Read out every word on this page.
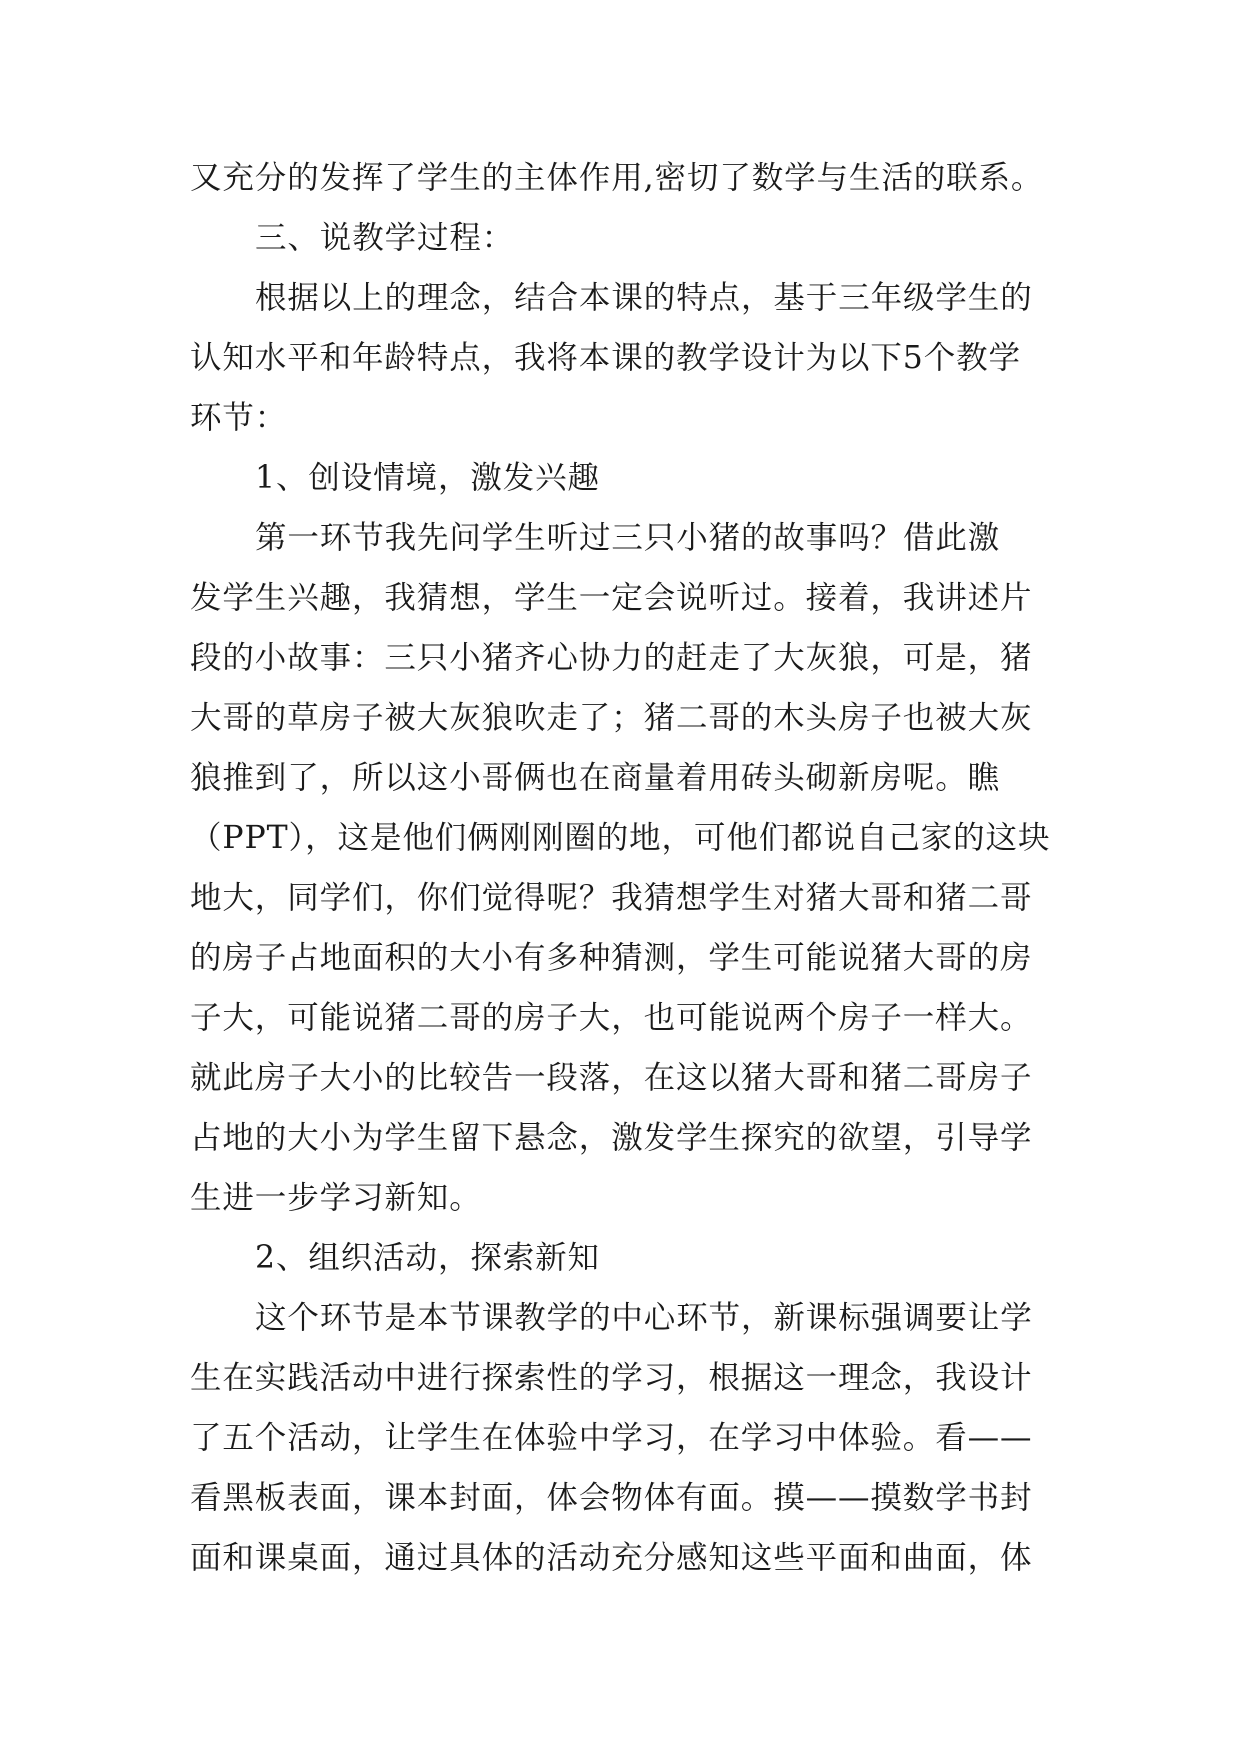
又充分的发挥了学生的主体作用,密切了数学与生活的联系。
三、说教学过程：
根据以上的理念，结合本课的特点，基于三年级学生的
认知水平和年龄特点，我将本课的教学设计为以下5个教学
环节：
1、创设情境，激发兴趣
第一环节我先问学生听过三只小猪的故事吗？借此激
发学生兴趣，我猜想，学生一定会说听过。接着，我讲述片
段的小故事：三只小猪齐心协力的赶走了大灰狼，可是，猪
大哥的草房子被大灰狼吹走了；猪二哥的木头房子也被大灰
狼推到了，所以这小哥俩也在商量着用砖头砌新房呢。瞧
（PPT），这是他们俩刚刚圈的地，可他们都说自己家的这块
地大，同学们，你们觉得呢？我猜想学生对猪大哥和猪二哥
的房子占地面积的大小有多种猜测，学生可能说猪大哥的房
子大，可能说猪二哥的房子大，也可能说两个房子一样大。
就此房子大小的比较告一段落，在这以猪大哥和猪二哥房子
占地的大小为学生留下悬念，激发学生探究的欲望，引导学
生进一步学习新知。
2、组织活动，探索新知
这个环节是本节课教学的中心环节，新课标强调要让学
生在实践活动中进行探索性的学习，根据这一理念，我设计
了五个活动，让学生在体验中学习，在学习中体验。看——
看黑板表面，课本封面，体会物体有面。摸——摸数学书封
面和课桌面，通过具体的活动充分感知这些平面和曲面，体
